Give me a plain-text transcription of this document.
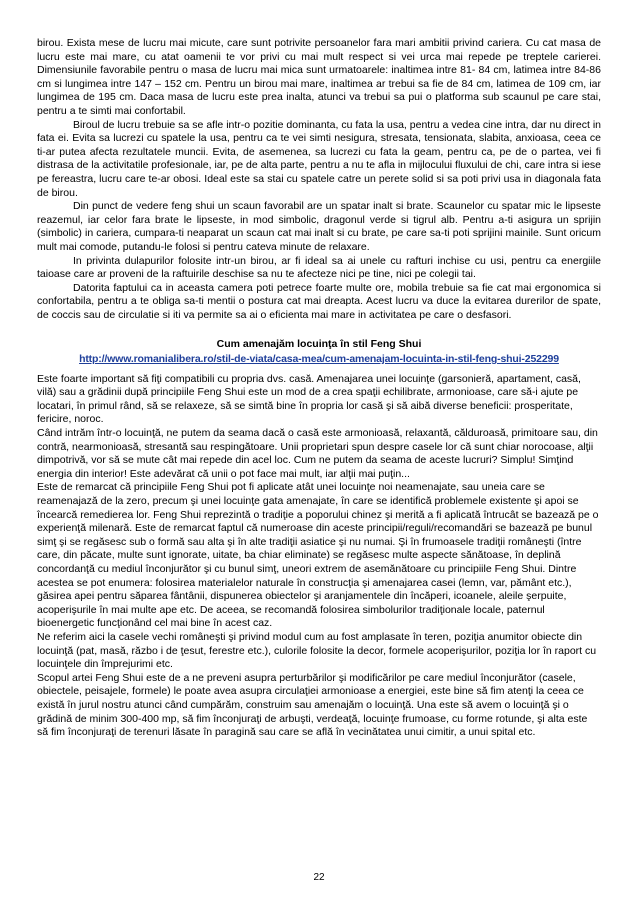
birou. Exista mese de lucru mai micute, care sunt potrivite persoanelor fara mari ambitii privind cariera. Cu cat masa de lucru este mai mare, cu atat oamenii te vor privi cu mai mult respect si vei urca mai repede pe treptele carierei. Dimensiunile favorabile pentru o masa de lucru mai mica sunt urmatoarele: inaltimea intre 81- 84 cm, latimea intre 84-86 cm si lungimea intre 147 – 152 cm. Pentru un birou mai mare, inaltimea ar trebui sa fie de 84 cm, latimea de 109 cm, iar lungimea de 195 cm. Daca masa de lucru este prea inalta, atunci va trebui sa pui o platforma sub scaunul pe care stai, pentru a te simti mai confortabil.

Biroul de lucru trebuie sa se afle intr-o pozitie dominanta, cu fata la usa, pentru a vedea cine intra, dar nu direct in fata ei. Evita sa lucrezi cu spatele la usa, pentru ca te vei simti nesigura, stresata, tensionata, slabita, anxioasa, ceea ce ti-ar putea afecta rezultatele muncii. Evita, de asemenea, sa lucrezi cu fata la geam, pentru ca, pe de o partea, vei fi distrasa de la activitatile profesionale, iar, pe de alta parte, pentru a nu te afla in mijlocului fluxului de chi, care intra si iese pe fereastra, lucru care te-ar obosi. Ideal este sa stai cu spatele catre un perete solid si sa poti privi usa in diagonala fata de birou.

Din punct de vedere feng shui un scaun favorabil are un spatar inalt si brate. Scaunelor cu spatar mic le lipseste reazemul, iar celor fara brate le lipseste, in mod simbolic, dragonul verde si tigrul alb. Pentru a-ti asigura un sprijin (simbolic) in cariera, cumpara-ti neaparat un scaun cat mai inalt si cu brate, pe care sa-ti poti sprijini mainile. Sunt oricum mult mai comode, putandu-le folosi si pentru cateva minute de relaxare.

In privinta dulapurilor folosite intr-un birou, ar fi ideal sa ai unele cu rafturi inchise cu usi, pentru ca energiile taioase care ar proveni de la raftuirile deschise sa nu te afecteze nici pe tine, nici pe colegii tai.

Datorita faptului ca in aceasta camera poti petrece foarte multe ore, mobila trebuie sa fie cat mai ergonomica si confortabila, pentru a te obliga sa-ti mentii o postura cat mai dreapta. Acest lucru va duce la evitarea durerilor de spate, de coccis sau de circulatie si iti va permite sa ai o eficienta mai mare in activitatea pe care o desfasori.

Cum amenajăm locuinţa în stil Feng Shui
http://www.romanialibera.ro/stil-de-viata/casa-mea/cum-amenajam-locuinta-in-stil-feng-shui-252299

Este foarte important să fiţi compatibili cu propria dvs. casă. Amenajarea unei locuinţe (garsonieră, apartament, casă, vilă) sau a grădinii după principiile Feng Shui este un mod de a crea spaţii echilibrate, armonioase, care să-i ajute pe locatari, în primul rând, să se relaxeze, să se simtă bine în propria lor casă şi să aibă diverse beneficii: prosperitate, fericire, noroc.

Când intrăm într-o locuinţă, ne putem da seama dacă o casă este armonioasă, relaxantă, călduroasă, primitoare sau, din contră, nearmonioasă, stresantă sau respingătoare. Unii proprietari spun despre casele lor că sunt chiar norocoase, alţii dimpotrivă, vor să se mute cât mai repede din acel loc. Cum ne putem da seama de aceste lucruri? Simplu! Simţind energia din interior! Este adevărat că unii o pot face mai mult, iar alţii mai puţin...

Este de remarcat că principiile Feng Shui pot fi aplicate atât unei locuinţe noi neamenajate, sau uneia care se reamenajază de la zero, precum şi unei locuinţe gata amenajate, în care se identifică problemele existente şi apoi se încearcă remedierea lor. Feng Shui reprezintă o tradiţie a poporului chinez şi merită a fi aplicată întrucât se bazează pe o experienţă milenară. Este de remarcat faptul că numeroase din aceste principii/reguli/recomandări se bazează pe bunul simţ şi se regăsesc sub o formă sau alta şi în alte tradiţii asiatice şi nu numai. Şi în frumoasele tradiţii româneşti (între care, din păcate, multe sunt ignorate, uitate, ba chiar eliminate) se regăsesc multe aspecte sănătoase, în deplină concordanţă cu mediul înconjurător şi cu bunul simţ, uneori extrem de asemănătoare cu principiile Feng Shui. Dintre acestea se pot enumera: folosirea materialelor naturale în construcţia şi amenajarea casei (lemn, var, pământ etc.), găsirea apei pentru săparea fântânii, dispunerea obiectelor şi aranjamentele din încăperi, icoanele, aleile şerpuite, acoperişurile în mai multe ape etc. De aceea, se recomandă folosirea simbolurilor tradiţionale locale, paternul bioenergetic funcţionând cel mai bine în acest caz.

Ne referim aici la casele vechi româneşti şi privind modul cum au fost amplasate în teren, poziţia anumitor obiecte din locuinţă (pat, masă, războ i de ţesut, ferestre etc.), culorile folosite la decor, formele acoperişurilor, poziţia lor în raport cu locuinţele din împrejurimi etc.

Scopul artei Feng Shui este de a ne preveni asupra perturbărilor şi modificărilor pe care mediul înconjurător (casele, obiectele, peisajele, formele) le poate avea asupra circulaţiei armonioase a energiei, este bine să fim atenţi la ceea ce există în jurul nostru atunci când cumpărăm, construim sau amenajăm o locuinţă. Una este să avem o locuinţă şi o grădină de minim 300-400 mp, să fim înconjuraţi de arbuşti, verdeaţă, locuinţe frumoase, cu forme rotunde, şi alta este să fim înconjuraţi de terenuri lăsate în paragină sau care se află în vecinătatea unui cimitir, a unui spital etc.

22
